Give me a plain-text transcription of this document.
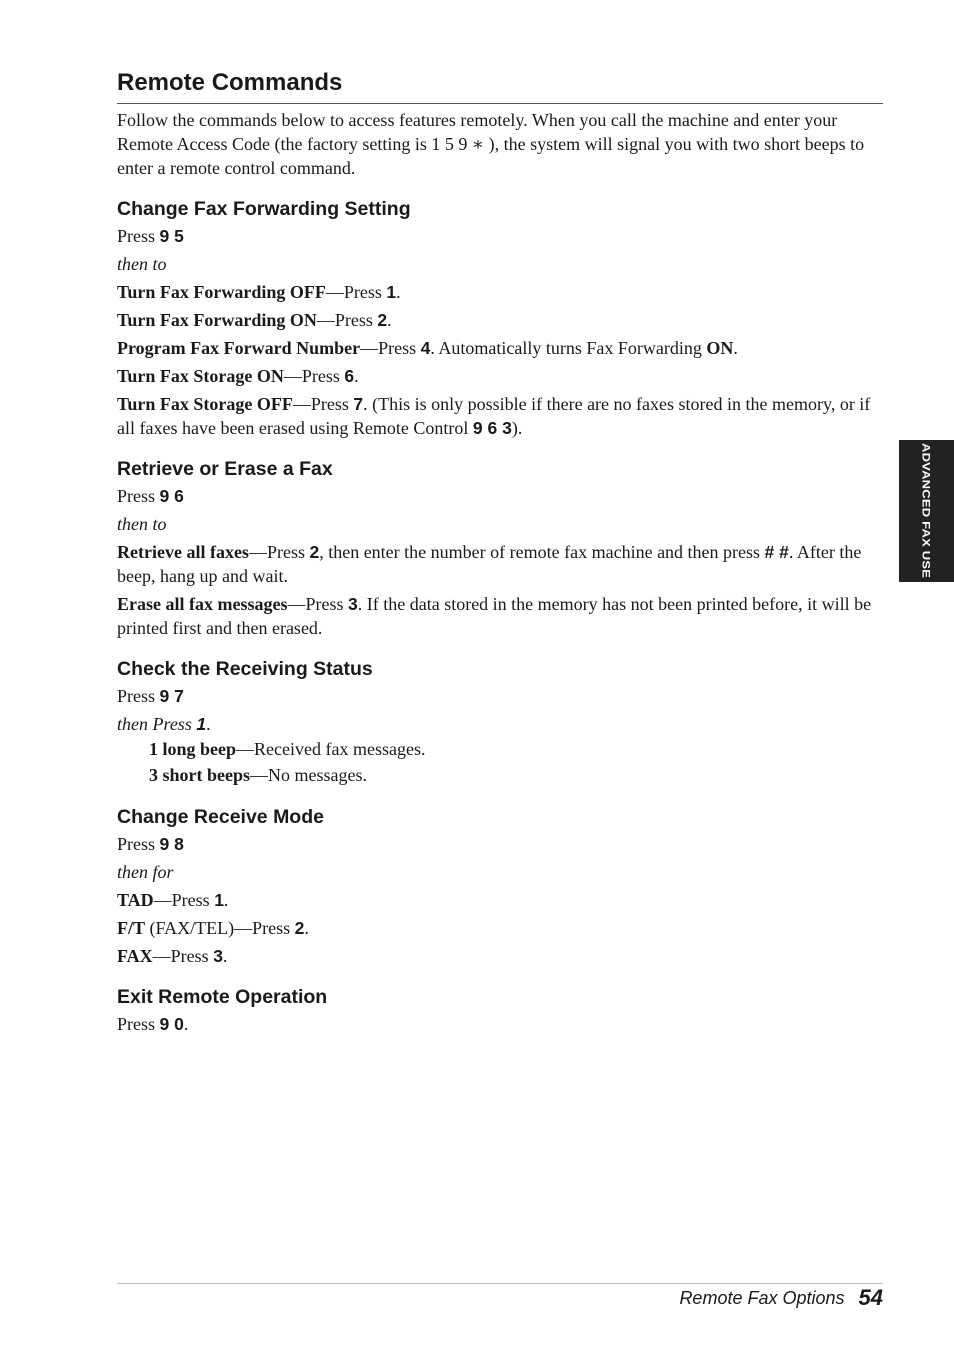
Remote Commands

Follow the commands below to access features remotely. When you call the machine and enter your Remote Access Code (the factory setting is 1 5 9 ∗ ), the system will signal you with two short beeps to enter a remote control command.

Change Fax Forwarding Setting

Press 9 5

then to

Turn Fax Forwarding OFF—Press 1.

Turn Fax Forwarding ON—Press 2.

Program Fax Forward Number—Press 4. Automatically turns Fax Forwarding ON.

Turn Fax Storage ON—Press 6.

Turn Fax Storage OFF—Press 7. (This is only possible if there are no faxes stored in the memory, or if all faxes have been erased using Remote Control 9 6 3).

Retrieve or Erase a Fax

Press 9 6

then to

Retrieve all faxes—Press 2, then enter the number of remote fax machine and then press # #. After the beep, hang up and wait.

Erase all fax messages—Press 3. If the data stored in the memory has not been printed before, it will be printed first and then erased.

Check the Receiving Status

Press 9 7

then Press 1.

1 long beep—Received fax messages.

3 short beeps—No messages.

Change Receive Mode

Press 9 8

then for

TAD—Press 1.

F/T (FAX/TEL)—Press 2.

FAX—Press 3.

Exit Remote Operation

Press 9 0.

ADVANCED FAX USE
Remote Fax Options 54
